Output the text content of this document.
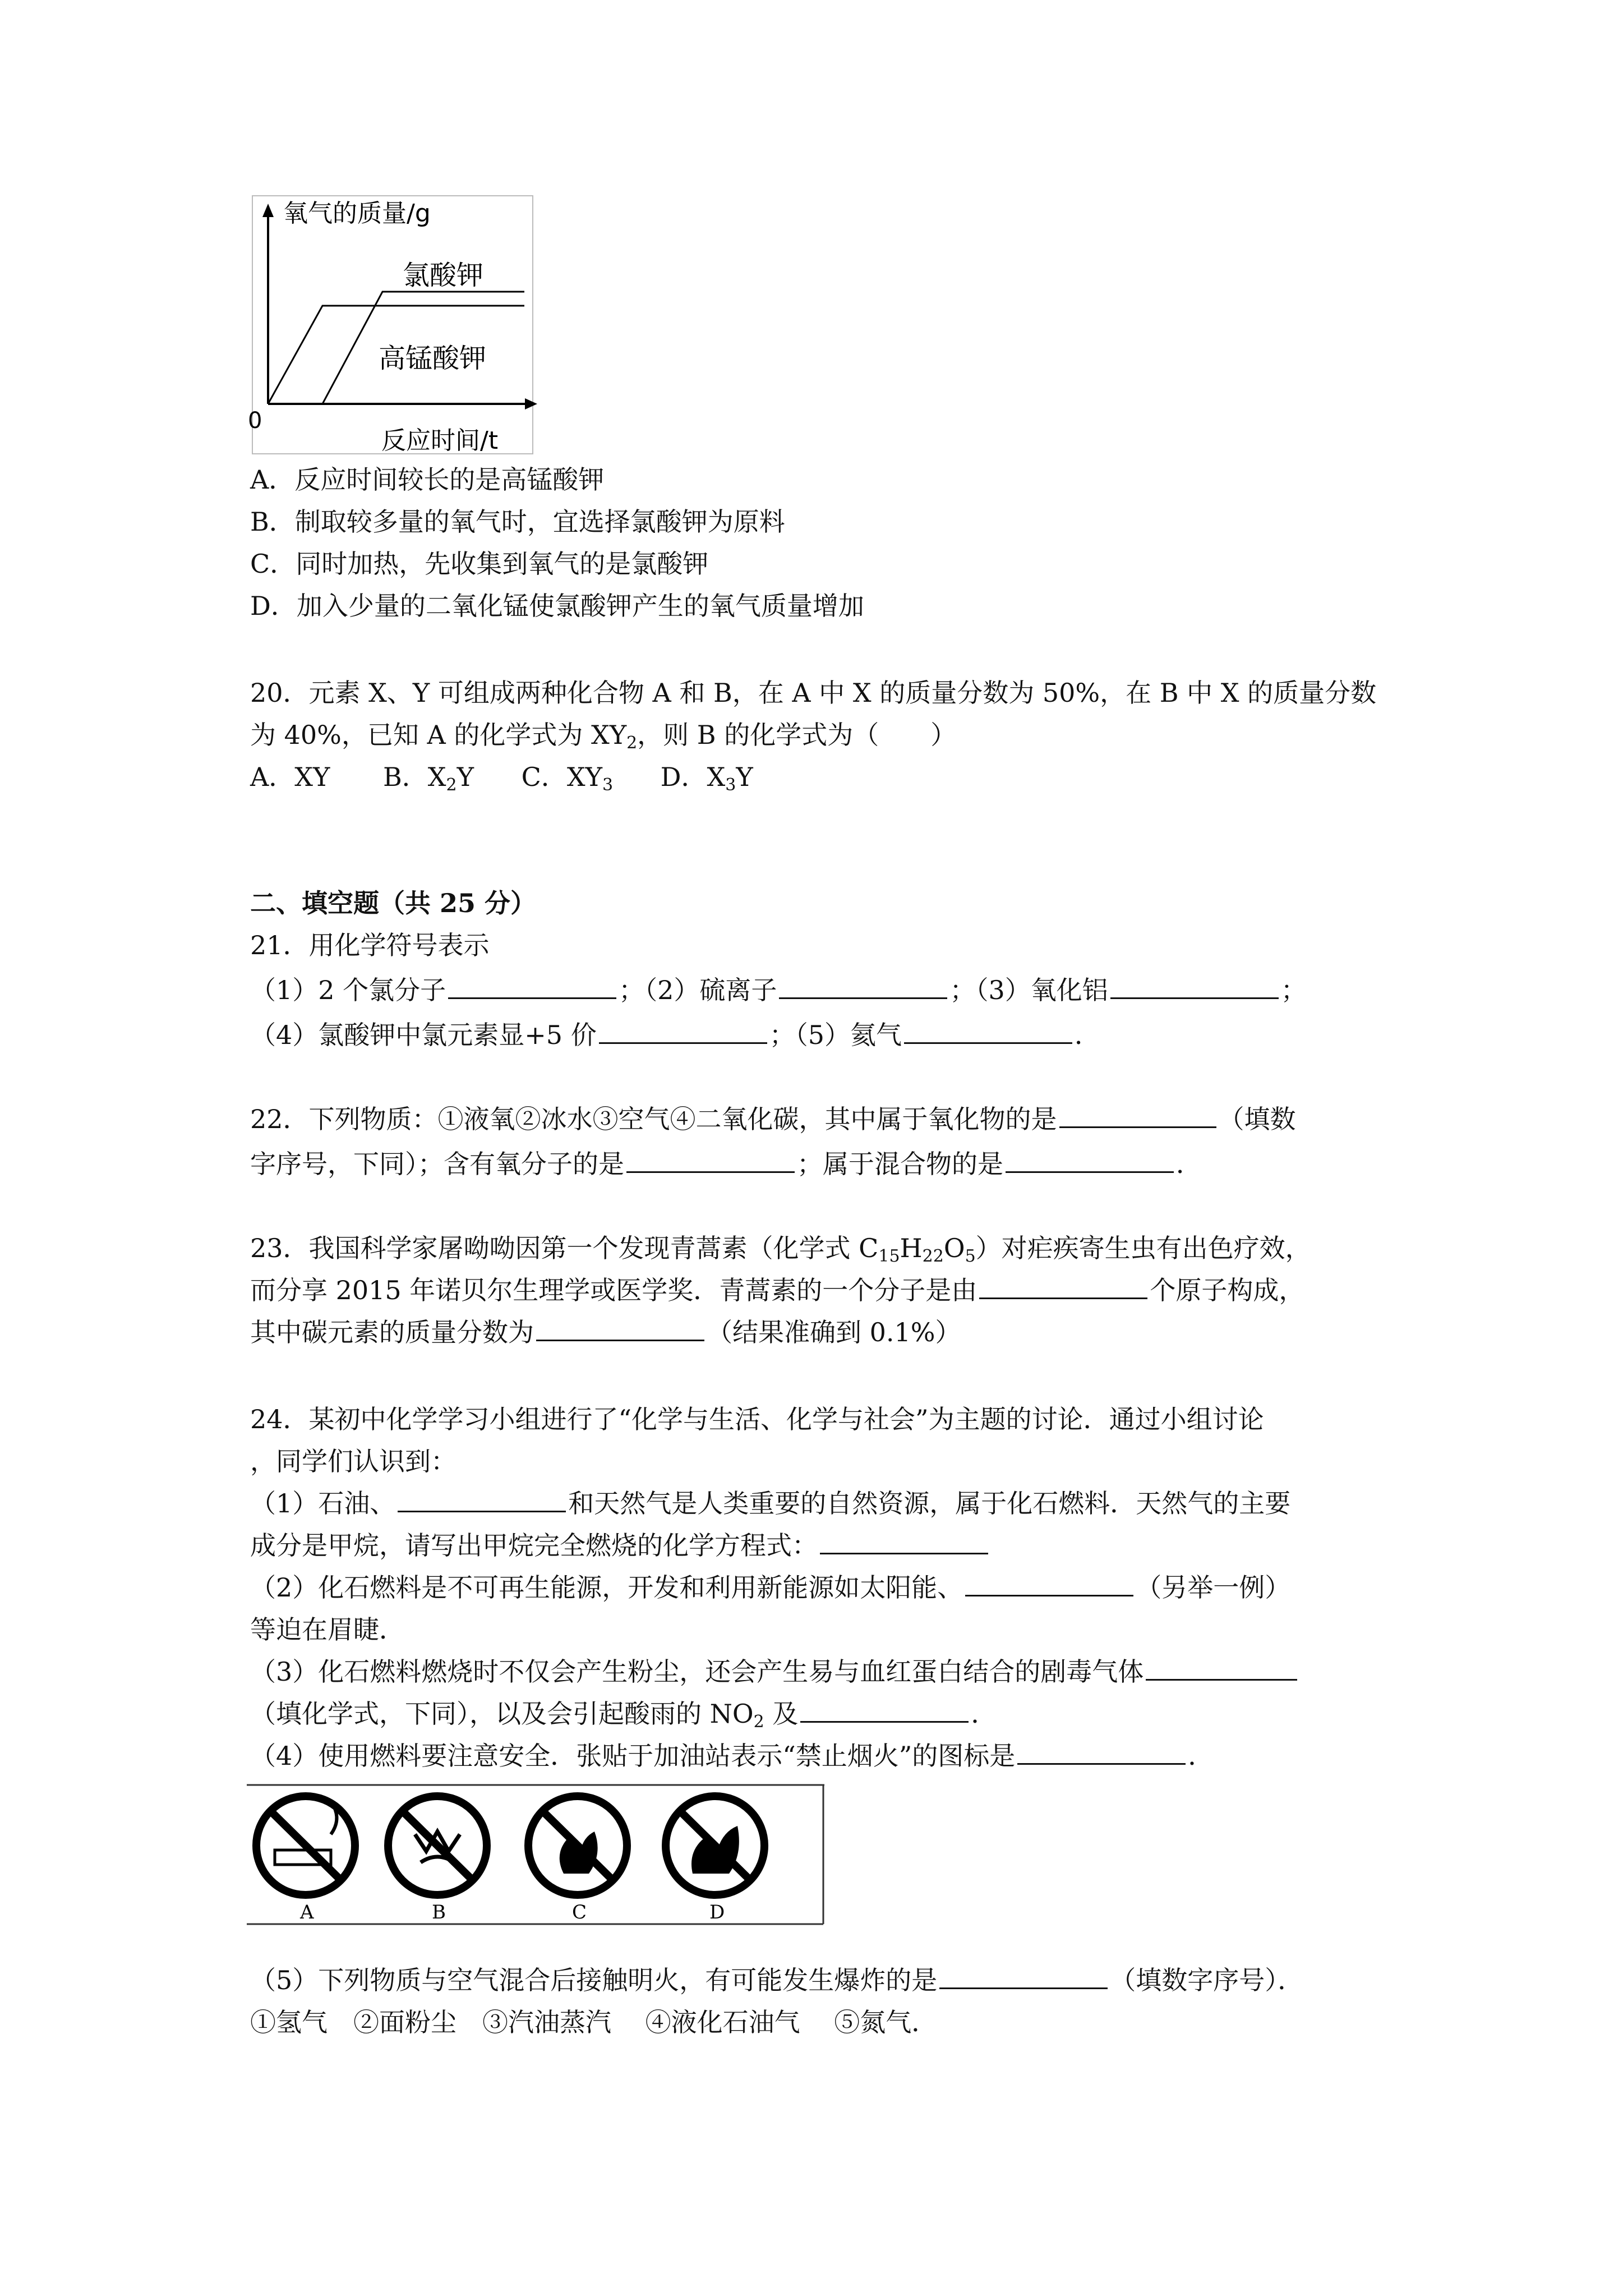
氧气的质量/g
0
反应时间/t
氯酸钾
高锰酸钾
A．反应时间较长的是高锰酸钾
B．制取较多量的氧气时，宜选择氯酸钾为原料
C．同时加热，先收集到氧气的是氯酸钾
D．加入少量的二氧化锰使氯酸钾产生的氧气质量增加
20．元素 X、Y 可组成两种化合物 A 和 B，在 A 中 X 的质量分数为 50%，在 B 中 X 的质量分数
为 40%，已知 A 的化学式为 $XY_2$，则 B 的化学式为（　　）
A．XY B．$X_2Y$ C．$XY_3$ D．$X_3Y$
二、填空题（共 25 分）
21．用化学符号表示
（1）2 个氯分子	；（2）硫离子	；（3）氧化铝	；
（4）氯酸钾中氯元素显+5 价	；（5）氦气	．
22．下列物质：①液氧②冰水③空气④二氧化碳，其中属于氧化物的是	（填数
字序号，下同）；含有氧分子的是	；属于混合物的是	．
23．我国科学家屠呦呦因第一个发现青蒿素（化学式 $C_{15}H_{22}O_5$）对疟疾寄生虫有出色疗效，
而分享 2015 年诺贝尔生理学或医学奖．青蒿素的一个分子是由	个原子构成，
其中碳元素的质量分数为	（结果准确到 0.1%）
24．某初中化学学习小组进行了“化学与生活、化学与社会”为主题的讨论．通过小组讨论
，同学们认识到：
（1）石油、	和天然气是人类重要的自然资源，属于化石燃料．天然气的主要
成分是甲烷，请写出甲烷完全燃烧的化学方程式：
（2）化石燃料是不可再生能源，开发和利用新能源如太阳能、	（另举一例）
等迫在眉睫．
（3）化石燃料燃烧时不仅会产生粉尘，还会产生易与血红蛋白结合的剧毒气体
（填化学式，下同），以及会引起酸雨的 $NO_2$ 及	．
（4）使用燃料要注意安全．张贴于加油站表示“禁止烟火”的图标是	．
A	B	C	D
（5）下列物质与空气混合后接触明火，有可能发生爆炸的是	（填数字序号）．
①氢气　②面粉尘　③汽油蒸汽　 ④液化石油气　 ⑤氮气．
